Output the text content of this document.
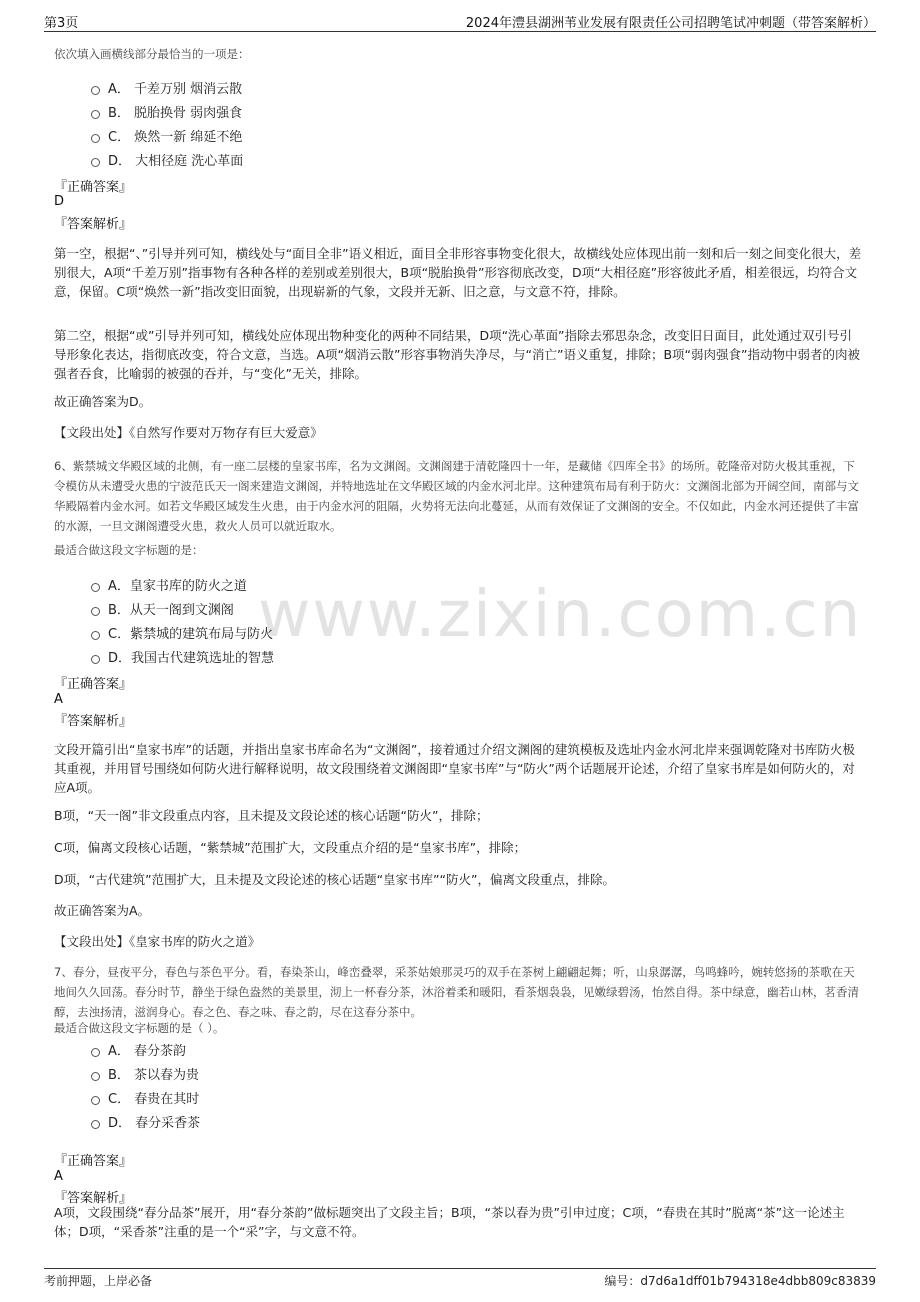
第3页	2024年澧县湖洲苇业发展有限责任公司招聘笔试冲刺题（带答案解析）
www.zixin.com.cn
依次填入画横线部分最恰当的一项是：
A． 千差万别 烟消云散
B． 脱胎换骨 弱肉强食
C． 焕然一新 绵延不绝
D． 大相径庭 洗心革面
『正确答案』
D
『答案解析』
第一空，根据“、”引导并列可知，横线处与“面目全非”语义相近，面目全非形容事物变化很大，故横线处应体现出前一刻和后一刻之间变化很大，差别很大，A项“千差万别”指事物有各种各样的差别或差别很大，B项“脱胎换骨”形容彻底改变，D项“大相径庭”形容彼此矛盾，相差很远，均符合文意，保留。C项“焕然一新”指改变旧面貌，出现崭新的气象，文段并无新、旧之意，与文意不符，排除。
第二空，根据“或”引导并列可知，横线处应体现出物种变化的两种不同结果，D项“洗心革面”指除去邪思杂念，改变旧日面目，此处通过双引号引导形象化表达，指彻底改变，符合文意，当选。A项“烟消云散”形容事物消失净尽，与“消亡”语义重复，排除；B项“弱肉强食”指动物中弱者的肉被强者吞食，比喻弱的被强的吞并，与“变化”无关，排除。
故正确答案为D。
【文段出处】《自然写作要对万物存有巨大爱意》
6、紫禁城文华殿区域的北侧，有一座二层楼的皇家书库，名为文渊阁。文渊阁建于清乾隆四十一年，是藏储《四库全书》的场所。乾隆帝对防火极其重视，下令模仿从未遭受火患的宁波范氏天一阁来建造文渊阁，并特地选址在文华殿区域的内金水河北岸。这种建筑布局有利于防火：文渊阁北部为开阔空间，南部与文华殿隔着内金水河。如若文华殿区域发生火患，由于内金水河的阻隔，火势将无法向北蔓延，从而有效保证了文渊阁的安全。不仅如此，内金水河还提供了丰富的水源，一旦文渊阁遭受火患，救火人员可以就近取水。
最适合做这段文字标题的是：
A．皇家书库的防火之道
B．从天一阁到文渊阁
C．紫禁城的建筑布局与防火
D．我国古代建筑选址的智慧
『正确答案』
A
『答案解析』
文段开篇引出“皇家书库”的话题，并指出皇家书库命名为“文渊阁”，接着通过介绍文渊阁的建筑模板及选址内金水河北岸来强调乾隆对书库防火极其重视，并用冒号围绕如何防火进行解释说明，故文段围绕着文渊阁即“皇家书库”与“防火”两个话题展开论述，介绍了皇家书库是如何防火的，对应A项。
B项，“天一阁”非文段重点内容，且未提及文段论述的核心话题“防火”，排除；
C项，偏离文段核心话题，“紫禁城”范围扩大，文段重点介绍的是“皇家书库”，排除；
D项，“古代建筑”范围扩大，且未提及文段论述的核心话题“皇家书库”“防火”，偏离文段重点，排除。
故正确答案为A。
【文段出处】《皇家书库的防火之道》
7、春分，昼夜平分，春色与茶色平分。看，春染茶山，峰峦叠翠，采茶姑娘那灵巧的双手在茶树上翩翩起舞；听，山泉潺潺，鸟鸣蜂吟，婉转悠扬的茶歌在天地间久久回荡。春分时节，静坐于绿色盎然的美景里，沏上一杯春分茶，沐浴着柔和暖阳，看茶烟袅袅，见嫩绿碧汤，怡然自得。茶中绿意，幽若山林，茗香清醇，去浊扬清，滋润身心。春之色、春之味、春之韵，尽在这春分茶中。
最适合做这段文字标题的是（ ）。
A． 春分茶韵
B． 茶以春为贵
C． 春贵在其时
D． 春分采香茶
『正确答案』
A
『答案解析』
A项，文段围绕“春分品茶”展开，用“春分茶韵”做标题突出了文段主旨；B项，“茶以春为贵”引申过度；C项，“春贵在其时”脱离“茶”这一论述主体；D项，“采香茶”注重的是一个“采”字，与文意不符。
考前押题，上岸必备	编号：d7d6a1dff01b794318e4dbb809c83839
